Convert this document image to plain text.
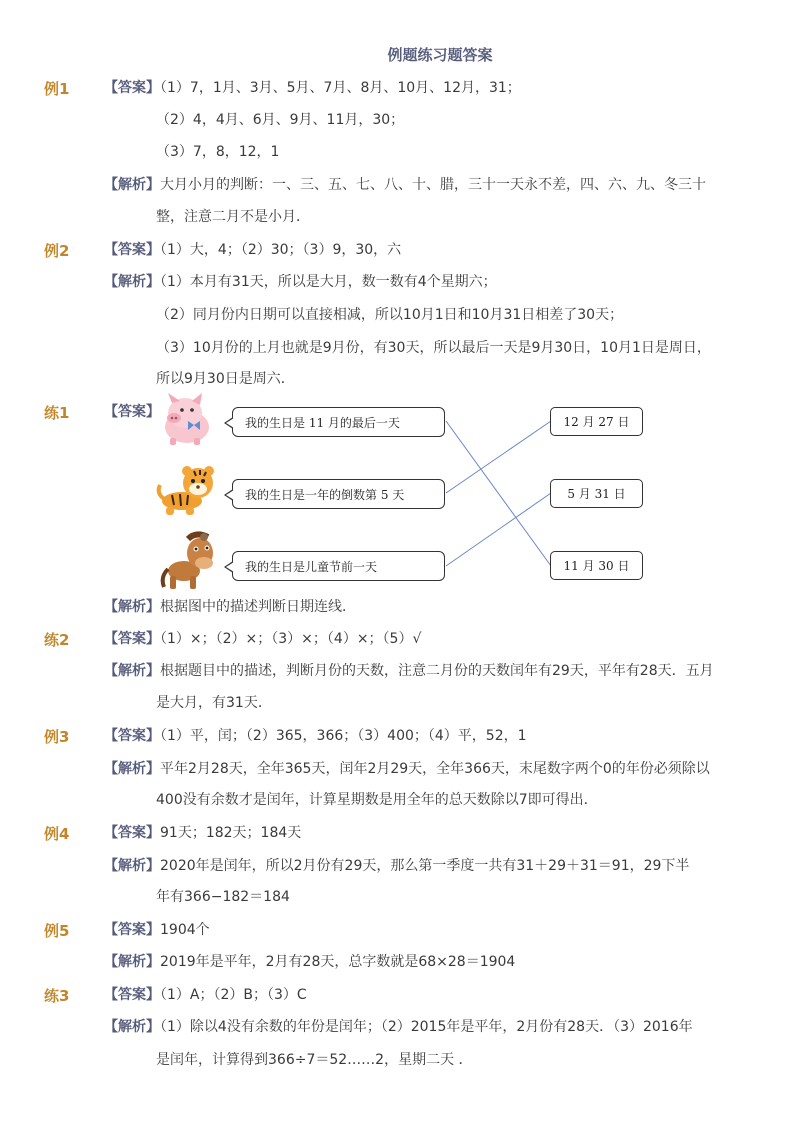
例题练习题答案
例1 【答案】（1）7，1月、3月、5月、7月、8月、10月、12月，31；
（2）4，4月、6月、9月、11月，30；
（3）7，8，12，1
【解析】大月小月的判断：一、三、五、七、八、十、腊，三十一天永不差，四、六、九、冬三十
整，注意二月不是小月．
例2 【答案】（1）大，4；（2）30；（3）9，30，六
【解析】（1）本月有31天，所以是大月，数一数有4个星期六；
（2）同月份内日期可以直接相减，所以10月1日和10月31日相差了30天；
（3）10月份的上月也就是9月份，有30天，所以最后一天是9月30日，10月1日是周日，
所以9月30日是周六．
练1 【答案】
我的生日是 11 月的最后一天
我的生日是一年的倒数第 5 天
我的生日是儿童节前一天
12 月 27 日
5 月 31 日
11 月 30 日
【解析】根据图中的描述判断日期连线．
练2 【答案】（1）×；（2）×；（3）×；（4）×；（5）√
【解析】根据题目中的描述，判断月份的天数，注意二月份的天数闰年有29天，平年有28天．五月
是大月，有31天．
例3 【答案】（1）平，闰；（2）365，366；（3）400；（4）平，52，1
【解析】平年2月28天，全年365天，闰年2月29天，全年366天，末尾数字两个0的年份必须除以
400没有余数才是闰年，计算星期数是用全年的总天数除以7即可得出．
例4 【答案】91天；182天；184天
【解析】2020年是闰年，所以2月份有29天，那么第一季度一共有31＋29＋31＝91，29下半
年有366−182＝184
例5 【答案】1904个
【解析】2019年是平年，2月有28天，总字数就是68×28＝1904
练3 【答案】（1）A；（2）B；（3）C
【解析】（1）除以4没有余数的年份是闰年；（2）2015年是平年，2月份有28天．（3）2016年
是闰年，计算得到366÷7＝52……2，星期二天 ．
